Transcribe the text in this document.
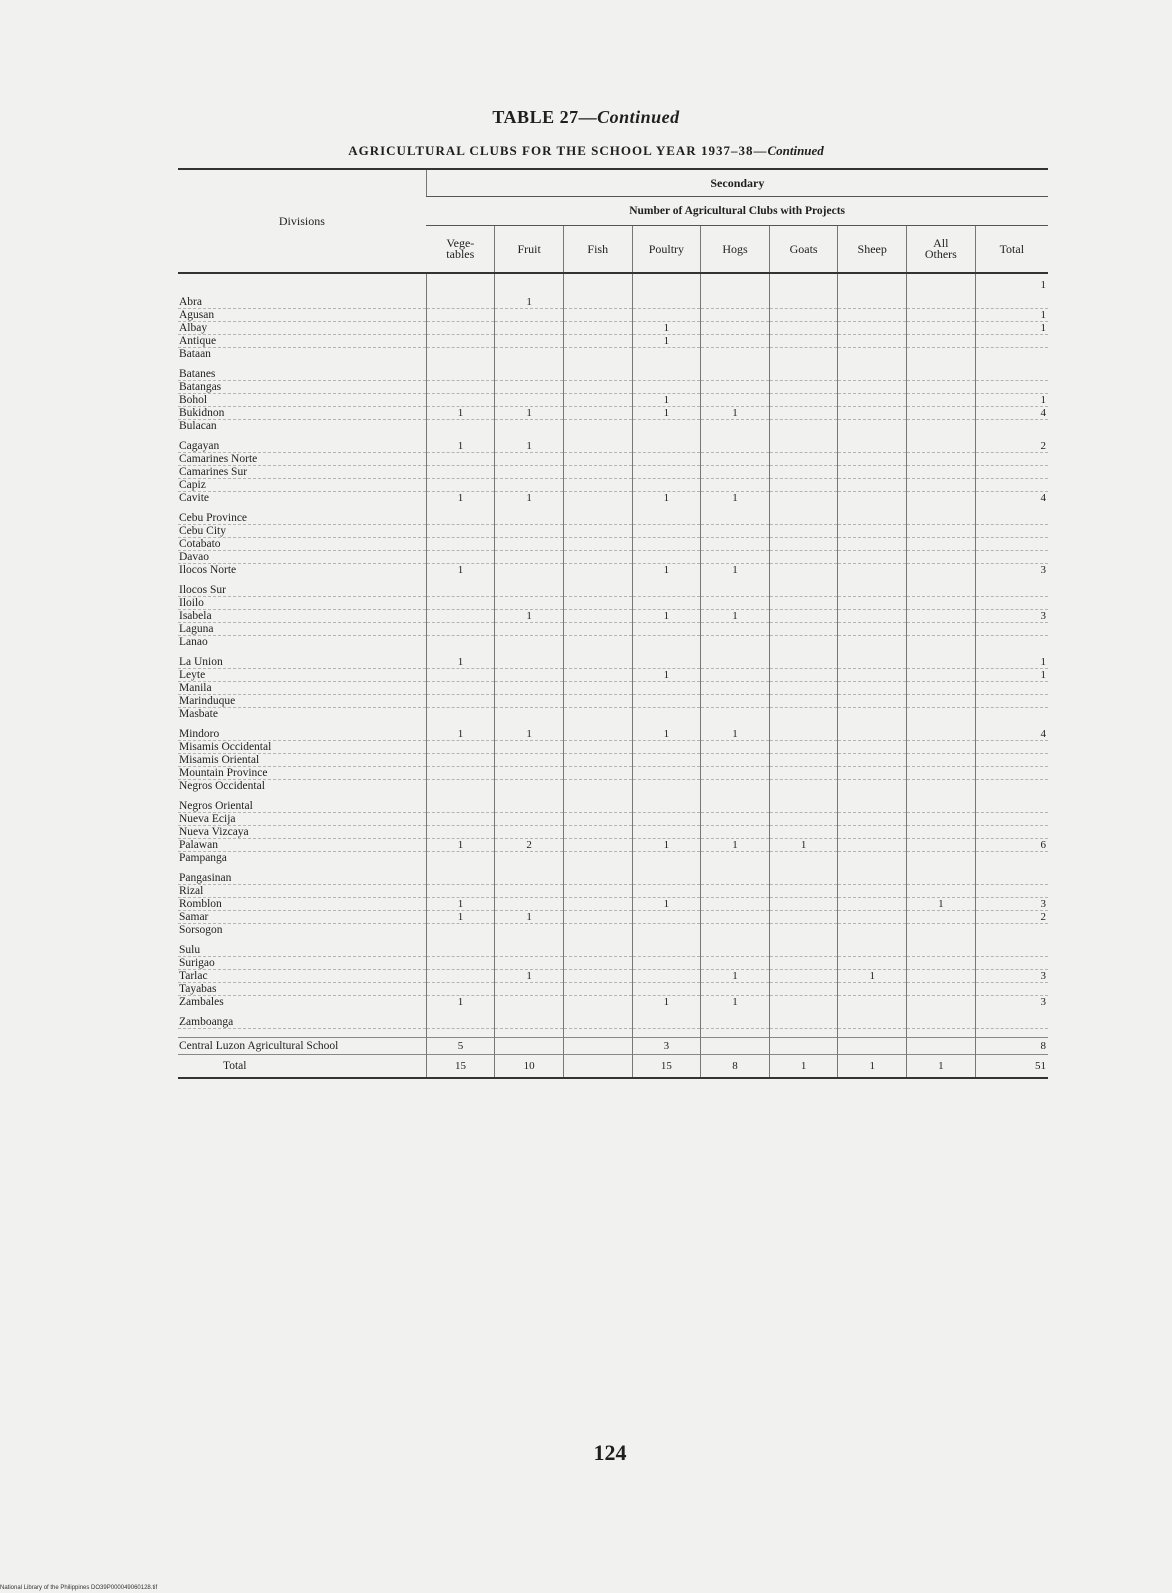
TABLE 27—Continued
AGRICULTURAL CLUBS FOR THE SCHOOL YEAR 1937–38—Continued
Divisions	Secondary								
	Number of Agricultural Clubs with Projects								
	Vege-
tables	Fruit	Fish	Poultry	Hogs	Goats	Sheep	All
Others	Total
									1
Abra		1							
Agusan									1
Albay				1					1
Antique				1					
Bataan									

Batanes									
Batangas									
Bohol				1					1
Bukidnon	1	1		1	1				4
Bulacan									

Cagayan	1	1							2
Camarines Norte									
Camarines Sur									
Capiz									
Cavite	1	1		1	1				4

Cebu Province									
Cebu City									
Cotabato									
Davao									
Ilocos Norte	1			1	1				3

Ilocos Sur									
Iloilo									
Isabela		1		1	1				3
Laguna									
Lanao									

La Union	1								1
Leyte				1					1
Manila									
Marinduque									
Masbate									

Mindoro	1	1		1	1				4
Misamis Occidental									
Misamis Oriental									
Mountain Province									
Negros Occidental									

Negros Oriental									
Nueva Ecija									
Nueva Vizcaya									
Palawan	1	2		1	1	1			6
Pampanga									

Pangasinan									
Rizal									
Romblon	1			1				1	3
Samar	1	1							2
Sorsogon									

Sulu									
Surigao									
Tarlac		1			1		1		3
Tayabas									
Zambales	1			1	1				3

Zamboanga									

Central Luzon Agricultural School	5			3					8
Total	15	10		15	8	1	1	1	51
124
National Library of the Philippines DO39P000049060128.tif
